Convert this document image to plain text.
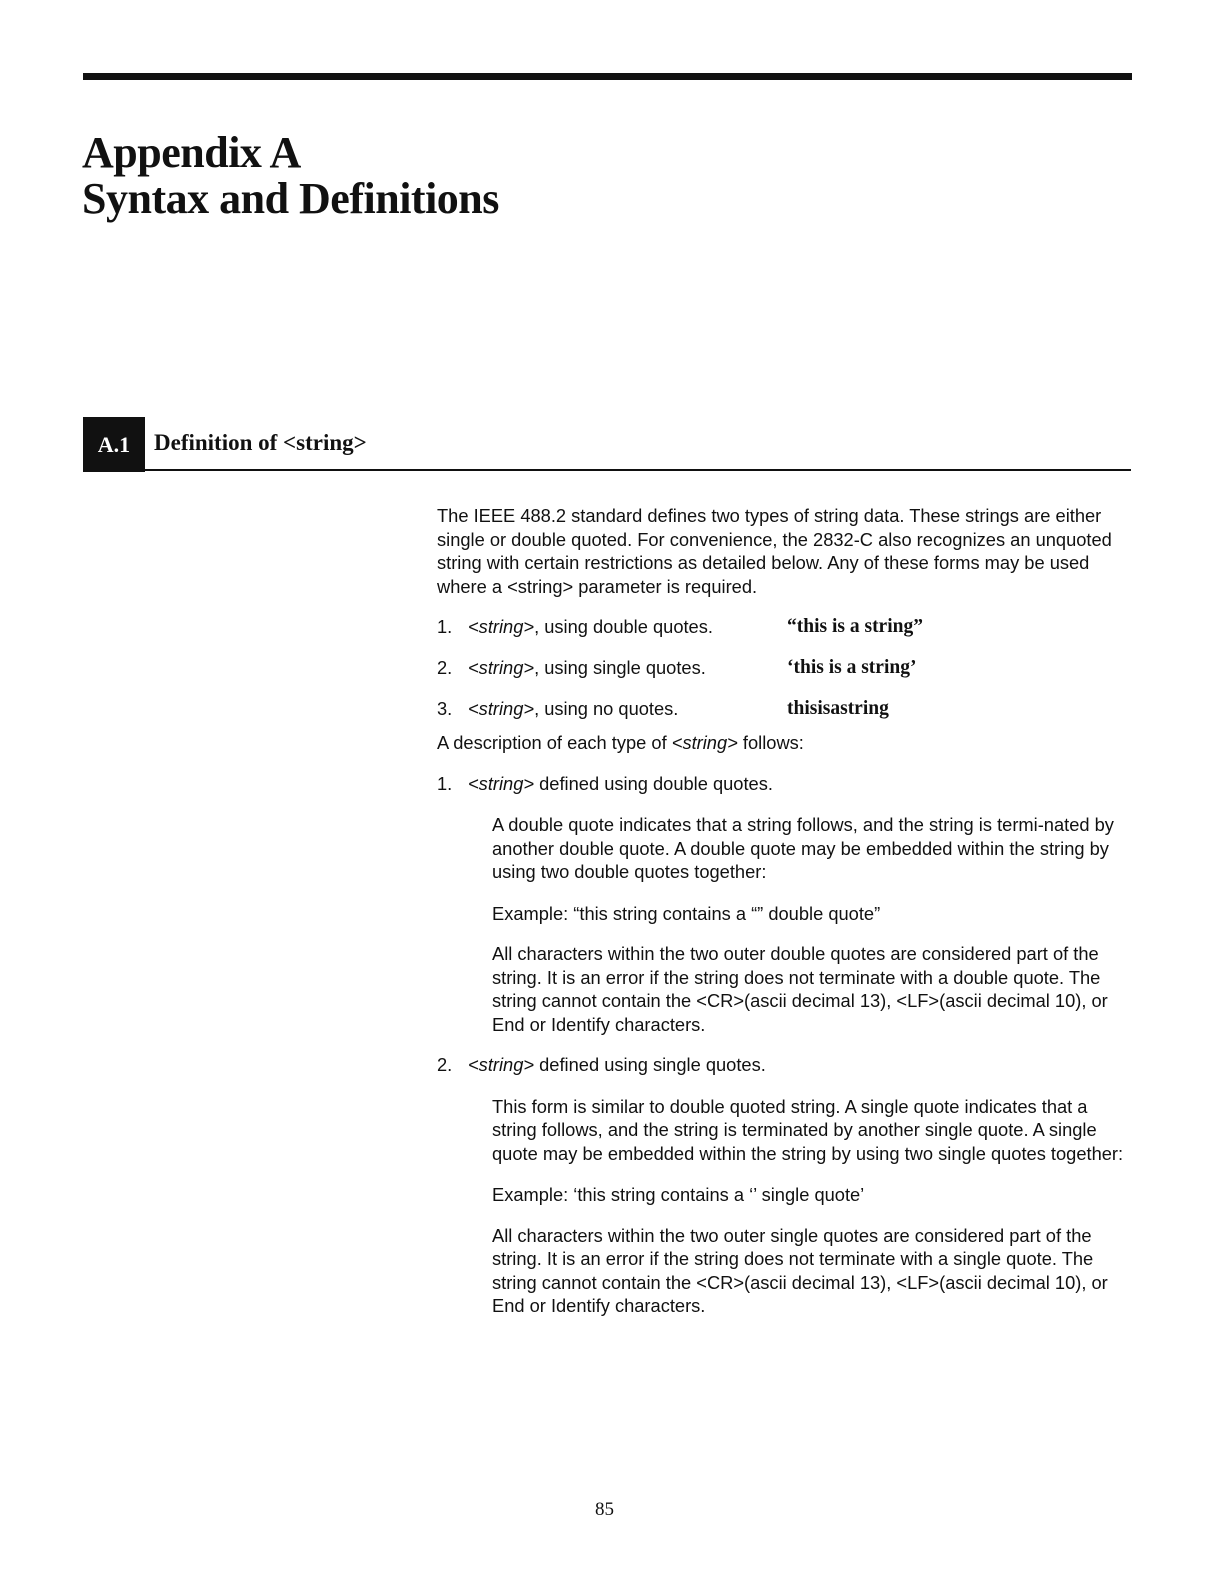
Appendix A
Syntax and Definitions
A.1	Definition of <string>

The IEEE 488.2 standard defines two types of string data. These strings are either single or double quoted. For convenience, the 2832-C also recognizes an unquoted string with certain restrictions as detailed below. Any of these forms may be used where a <string> parameter is required.

1. <string>, using double quotes.	“this is a string”
2. <string>, using single quotes.	‘this is a string’
3. <string>, using no quotes.	thisisastring

A description of each type of <string> follows:

1. <string> defined using double quotes.

A double quote indicates that a string follows, and the string is termi-nated by another double quote. A double quote may be embedded within the string by using two double quotes together:

Example: “this string contains a “” double quote”

All characters within the two outer double quotes are considered part of the string. It is an error if the string does not terminate with a double quote. The string cannot contain the <CR>(ascii decimal 13), <LF>(ascii decimal 10), or End or Identify characters.

2. <string> defined using single quotes.

This form is similar to double quoted string. A single quote indicates that a string follows, and the string is terminated by another single quote. A single quote may be embedded within the string by using two single quotes together:

Example: ‘this string contains a ‘’ single quote’

All characters within the two outer single quotes are considered part of the string. It is an error if the string does not terminate with a single quote. The string cannot contain the <CR>(ascii decimal 13), <LF>(ascii decimal 10), or End or Identify characters.

85
